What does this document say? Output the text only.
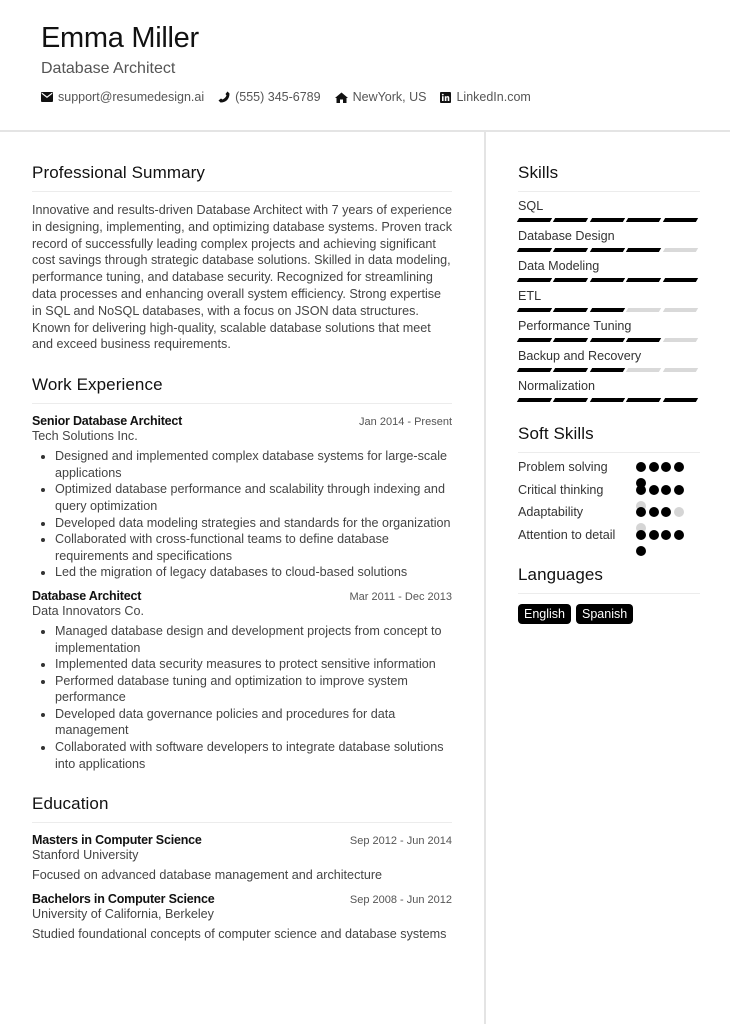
Emma Miller
Database Architect
support@resumedesign.ai (555) 345-6789	NewYork, US LinkedIn.com
Professional Summary

Innovative and results-driven Database Architect with 7 years of experience in designing, implementing, and optimizing database systems. Proven track record of successfully leading complex projects and achieving significant cost savings through strategic database solutions. Skilled in data modeling, performance tuning, and database security. Recognized for streamlining data processes and enhancing overall system efficiency. Strong expertise in SQL and NoSQL databases, with a focus on JSON data structures. Known for delivering high-quality, scalable database solutions that meet and exceed business requirements.

Work Experience
Senior Database Architect	Jan 2014 - Present
Tech Solutions Inc.
Designed and implemented complex database systems for large-scale applications
Optimized database performance and scalability through indexing and query optimization
Developed data modeling strategies and standards for the organization
Collaborated with cross-functional teams to define database requirements and specifications
Led the migration of legacy databases to cloud-based solutions
Database Architect	Mar 2011 - Dec 2013
Data Innovators Co.
Managed database design and development projects from concept to implementation
Implemented data security measures to protect sensitive information
Performed database tuning and optimization to improve system performance
Developed data governance policies and procedures for data management
Collaborated with software developers to integrate database solutions into applications
Education
Masters in Computer Science	Sep 2012 - Jun 2014
Stanford University
Focused on advanced database management and architecture
Bachelors in Computer Science	Sep 2008 - Jun 2012
University of California, Berkeley
Studied foundational concepts of computer science and database systems
Skills
SQL
Database Design
Data Modeling
ETL
Performance Tuning
Backup and Recovery
Normalization
Soft Skills
Problem solving
Critical thinking
Adaptability
Attention to detail
Languages
English	Spanish
